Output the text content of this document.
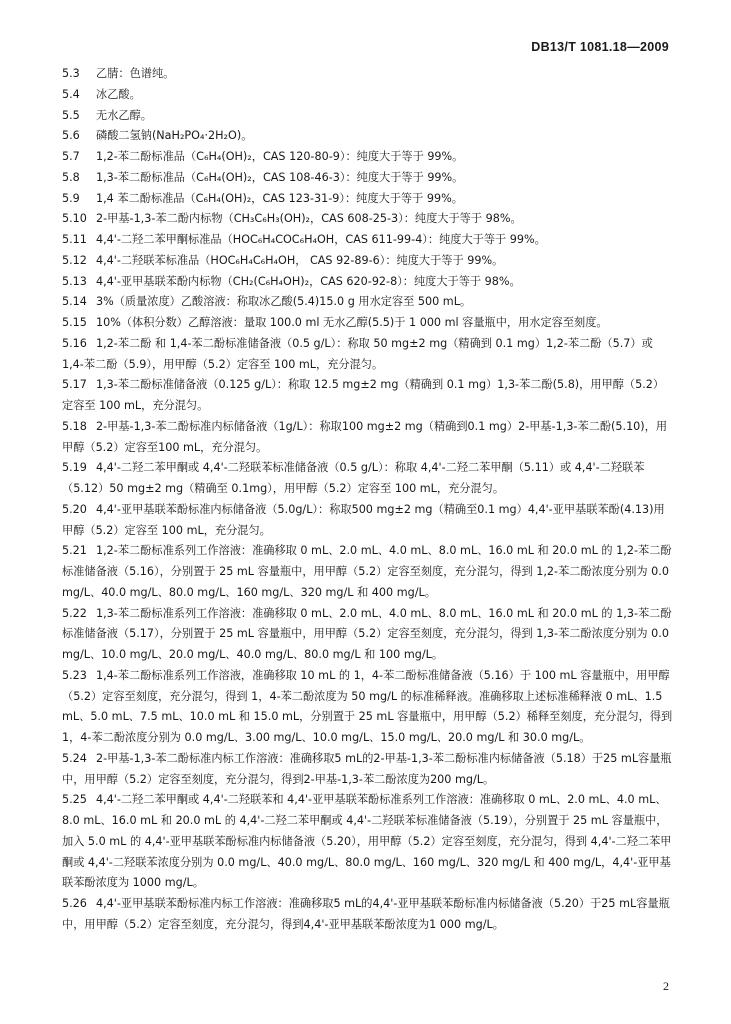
DB13/T 1081.18—2009

5.3 乙腈：色谱纯。

5.4 冰乙酸。

5.5 无水乙醇。

5.6 磷酸二氢钠(NaH₂PO₄·2H₂O)。

5.7 1,2-苯二酚标准品（C₆H₄(OH)₂，CAS 120-80-9）：纯度大于等于 99%。

5.8 1,3-苯二酚标准品（C₆H₄(OH)₂，CAS 108-46-3）：纯度大于等于 99%。

5.9 1,4 苯二酚标准品（C₆H₄(OH)₂，CAS 123-31-9）：纯度大于等于 99%。

5.10 2-甲基-1,3-苯二酚内标物（CH₃C₆H₃(OH)₂，CAS 608-25-3）：纯度大于等于 98%。

5.11 4,4'-二羟二苯甲酮标准品（HOC₆H₄COC₆H₄OH，CAS 611-99-4）：纯度大于等于 99%。

5.12 4,4'-二羟联苯标准品（HOC₆H₄C₆H₄OH， CAS 92-89-6）：纯度大于等于 99%。

5.13 4,4'-亚甲基联苯酚内标物（CH₂(C₆H₄OH)₂，CAS 620-92-8）：纯度大于等于 98%。

5.14 3%（质量浓度）乙酸溶液：称取冰乙酸(5.4)15.0 g 用水定容至 500 mL。

5.15 10%（体积分数）乙醇溶液：量取 100.0 ml 无水乙醇(5.5)于 1 000 ml 容量瓶中，用水定容至刻度。

5.16 1,2-苯二酚 和 1,4-苯二酚标准储备液（0.5 g/L）：称取 50 mg±2 mg（精确到 0.1 mg）1,2-苯二酚（5.7）或 1,4-苯二酚（5.9），用甲醇（5.2）定容至 100 mL，充分混匀。

5.17 1,3-苯二酚标准储备液（0.125 g/L）：称取 12.5 mg±2 mg（精确到 0.1 mg）1,3-苯二酚(5.8)，用甲醇（5.2）定容至 100 mL，充分混匀。

5.18 2-甲基-1,3-苯二酚标准内标储备液（1g/L）：称取100 mg±2 mg（精确到0.1 mg）2-甲基-1,3-苯二酚(5.10)，用甲醇（5.2）定容至100 mL，充分混匀。

5.19 4,4'-二羟二苯甲酮或 4,4'-二羟联苯标准储备液（0.5 g/L）：称取 4,4'-二羟二苯甲酮（5.11）或 4,4'-二羟联苯（5.12）50 mg±2 mg（精确至 0.1mg），用甲醇（5.2）定容至 100 mL，充分混匀。

5.20 4,4'-亚甲基联苯酚标准内标储备液（5.0g/L）：称取500 mg±2 mg（精确至0.1 mg）4,4'-亚甲基联苯酚(4.13)用甲醇（5.2）定容至 100 mL，充分混匀。

5.21 1,2-苯二酚标准系列工作溶液：准确移取 0 mL、2.0 mL、4.0 mL、8.0 mL、16.0 mL 和 20.0 mL 的 1,2-苯二酚标准储备液（5.16），分别置于 25 mL 容量瓶中，用甲醇（5.2）定容至刻度，充分混匀，得到 1,2-苯二酚浓度分别为 0.0 mg/L、40.0 mg/L、80.0 mg/L、160 mg/L、320 mg/L 和 400 mg/L。

5.22 1,3-苯二酚标准系列工作溶液：准确移取 0 mL、2.0 mL、4.0 mL、8.0 mL、16.0 mL 和 20.0 mL 的 1,3-苯二酚标准储备液（5.17），分别置于 25 mL 容量瓶中，用甲醇（5.2）定容至刻度，充分混匀，得到 1,3-苯二酚浓度分别为 0.0 mg/L、10.0 mg/L、20.0 mg/L、40.0 mg/L、80.0 mg/L 和 100 mg/L。

5.23 1,4-苯二酚标准系列工作溶液，准确移取 10 mL 的 1，4-苯二酚标准储备液（5.16）于 100 mL 容量瓶中，用甲醇（5.2）定容至刻度，充分混匀，得到 1，4-苯二酚浓度为 50 mg/L 的标准稀释液。准确移取上述标准稀释液 0 mL、1.5 mL、5.0 mL、7.5 mL、10.0 mL 和 15.0 mL，分别置于 25 mL 容量瓶中，用甲醇（5.2）稀释至刻度，充分混匀，得到 1，4-苯二酚浓度分别为 0.0 mg/L、3.00 mg/L、10.0 mg/L、15.0 mg/L、20.0 mg/L 和 30.0 mg/L。

5.24 2-甲基-1,3-苯二酚标准内标工作溶液：准确移取5 mL的2-甲基-1,3-苯二酚标准内标储备液（5.18）于25 mL容量瓶中，用甲醇（5.2）定容至刻度，充分混匀，得到2-甲基-1,3-苯二酚浓度为200 mg/L。

5.25 4,4'-二羟二苯甲酮或 4,4'-二羟联苯和 4,4'-亚甲基联苯酚标准系列工作溶液：准确移取 0 mL、2.0 mL、4.0 mL、8.0 mL、16.0 mL 和 20.0 mL 的 4,4'-二羟二苯甲酮或 4,4'-二羟联苯标准储备液（5.19），分别置于 25 mL 容量瓶中，加入 5.0 mL 的 4,4'-亚甲基联苯酚标准内标储备液（5.20），用甲醇（5.2）定容至刻度，充分混匀，得到 4,4'-二羟二苯甲酮或 4,4'-二羟联苯浓度分别为 0.0 mg/L、40.0 mg/L、80.0 mg/L、160 mg/L、320 mg/L 和 400 mg/L，4,4'-亚甲基联苯酚浓度为 1000 mg/L。

5.26 4,4'-亚甲基联苯酚标准内标工作溶液：准确移取5 mL的4,4'-亚甲基联苯酚标准内标储备液（5.20）于25 mL容量瓶中，用甲醇（5.2）定容至刻度，充分混匀，得到4,4'-亚甲基联苯酚浓度为1 000 mg/L。

2
